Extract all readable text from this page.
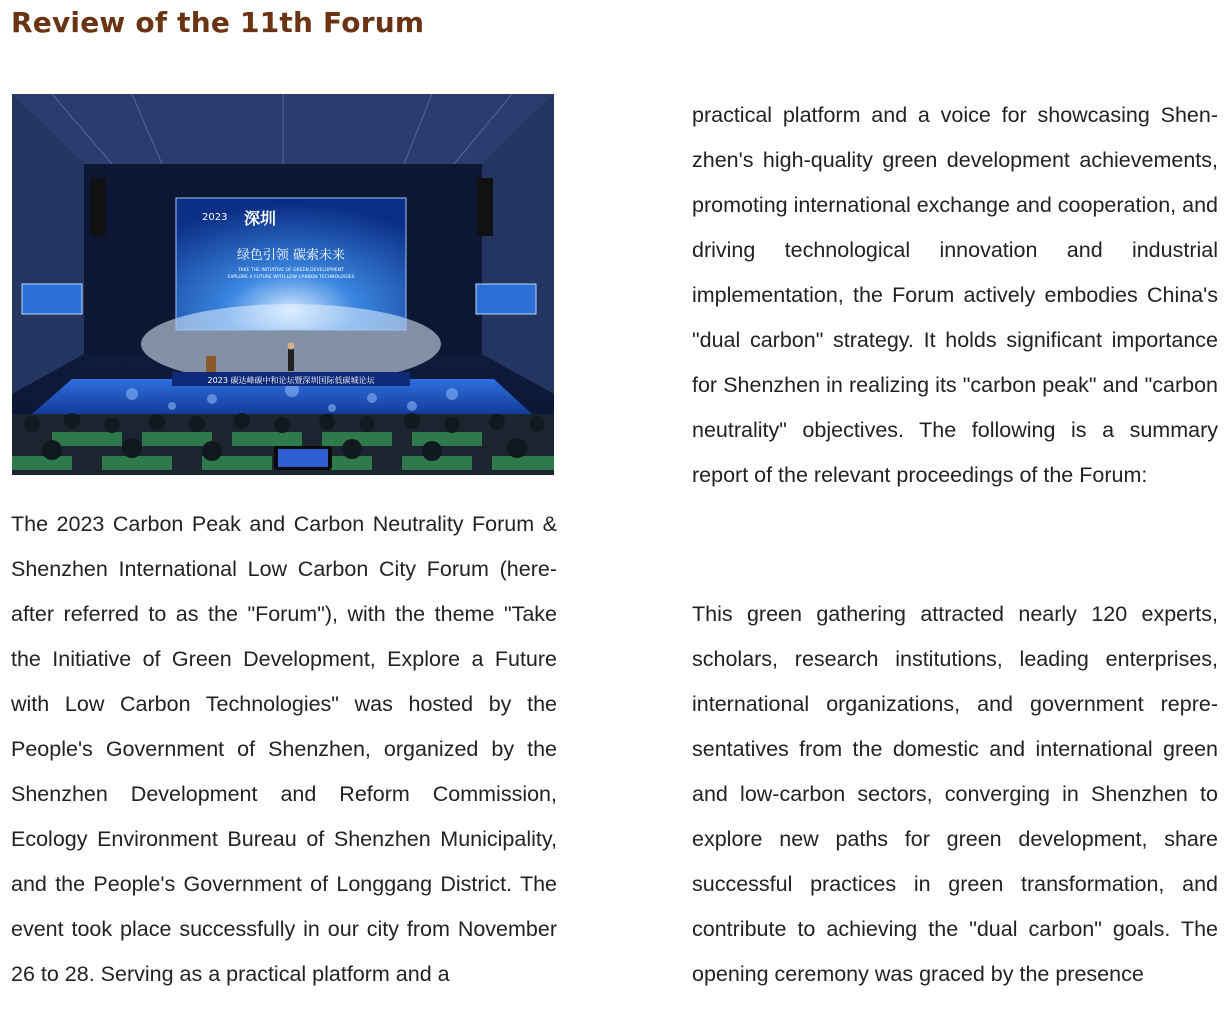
Review of the 11th Forum
2023 深圳
绿色引领 碳索未来
TAKE THE INITIATIVE OF GREEN DEVELOPMENT
EXPLORE A FUTURE WITH LOW CARBON TECHNOLOGIES
2023 碳达峰碳中和论坛暨深圳国际低碳城论坛

The 2023 Carbon Peak and Carbon Neutrality Forum & Shenzhen International Low Carbon City Forum (hereafter referred to as the "Forum"), with the theme "Take the Initiative of Green Development, Explore a Future with Low Carbon Technologies" was hosted by the People's Government of Shenzhen, organized by the Shenzhen Development and Reform Commission, Ecology Environment Bureau of Shenzhen Municipality, and the People's Government of Longgang District. The event took place successfully in our city from November 26 to 28. Serving as a practical platform and a

practical platform and a voice for showcasing Shenzhen's high-quality green development achievements, promoting international exchange and cooperation, and driving technological innovation and industrial implementation, the Forum actively embodies China's "dual carbon" strategy. It holds significant importance for Shenzhen in realizing its "carbon peak" and "carbon neutrality" objectives. The following is a summary report of the relevant proceedings of the Forum:

This green gathering attracted nearly 120 experts, scholars, research institutions, leading enterprises, international organizations, and government representatives from the domestic and international green and low-carbon sectors, converging in Shenzhen to explore new paths for green development, share successful practices in green transformation, and contribute to achieving the "dual carbon" goals. The opening ceremony was graced by the presence
